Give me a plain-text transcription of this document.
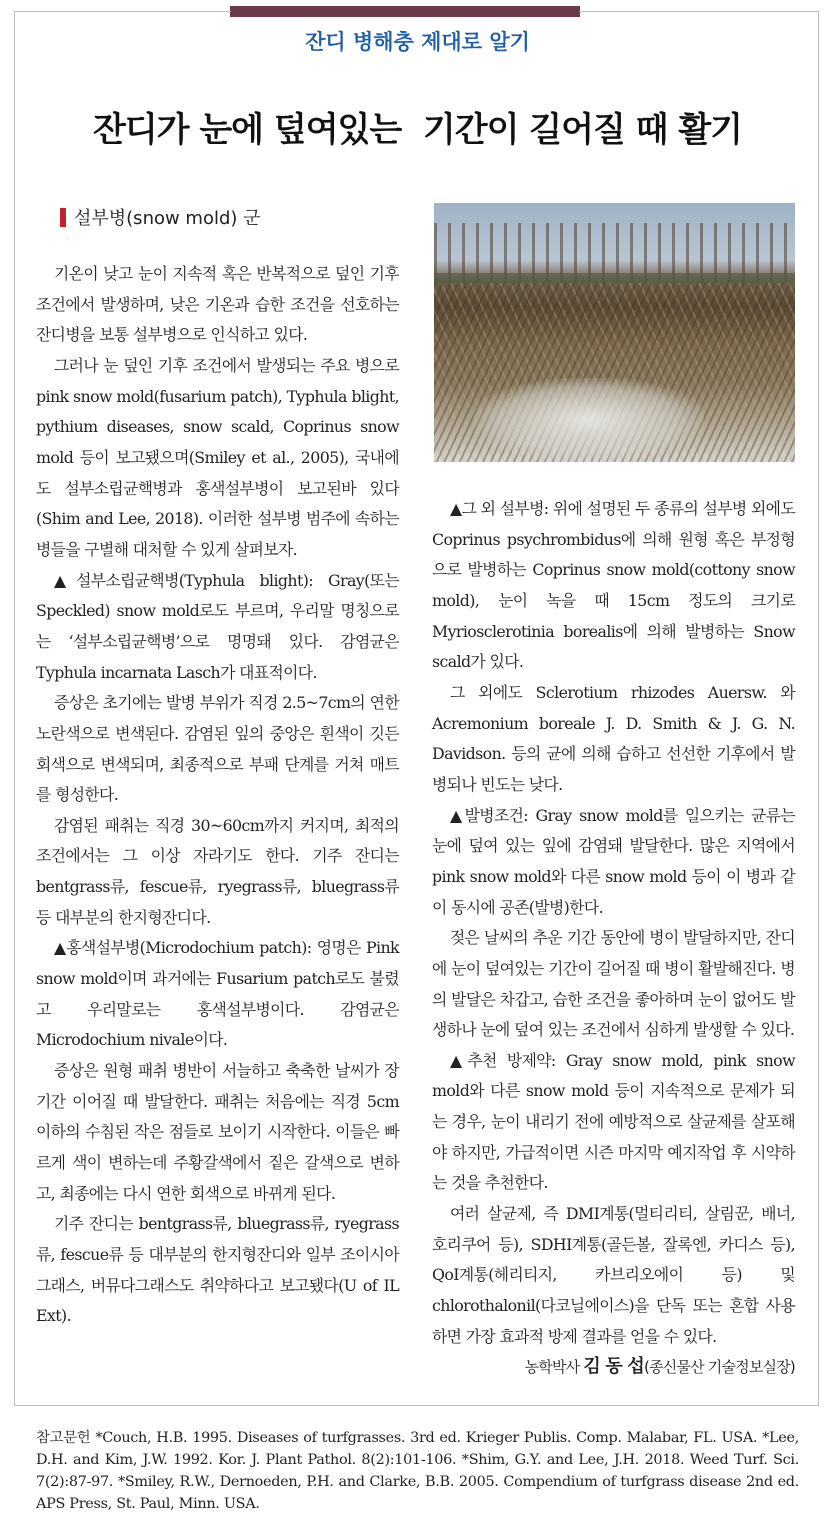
잔디 병해충 제대로 알기
잔디가 눈에 덮여있는  기간이 길어질 때 활기
설부병(snow mold) 군

기온이 낮고 눈이 지속적 혹은 반복적으로 덮인 기후조건에서 발생하며, 낮은 기온과 습한 조건을 선호하는 잔디병을 보통 설부병으로 인식하고 있다.

그러나 눈 덮인 기후 조건에서 발생되는 주요 병으로 pink snow mold(fusarium patch), Typhula blight, pythium diseases, snow scald, Coprinus snow mold 등이 보고됐으며(Smiley et al., 2005), 국내에도 설부소립균핵병과 홍색설부병이 보고된바 있다(Shim and Lee, 2018). 이러한 설부병 범주에 속하는 병들을 구별해 대처할 수 있게 살펴보자.

▲설부소립균핵병(Typhula blight): Gray(또는 Speckled) snow mold로도 부르며, 우리말 명칭으로는 ‘설부소립균핵병’으로 명명돼 있다. 감염균은 Typhula incarnata Lasch가 대표적이다.

증상은 초기에는 발병 부위가 직경 2.5~7cm의 연한 노란색으로 변색된다. 감염된 잎의 중앙은 흰색이 깃든 회색으로 변색되며, 최종적으로 부패 단계를 거쳐 매트를 형성한다.

감염된 패취는 직경 30~60cm까지 커지며, 최적의 조건에서는 그 이상 자라기도 한다. 기주 잔디는 bentgrass류, fescue류, ryegrass류, bluegrass류 등 대부분의 한지형잔디다.

▲홍색설부병(Microdochium patch): 영명은 Pink snow mold이며 과거에는 Fusarium patch로도 불렸고 우리말로는 홍색설부병이다. 감염균은 Microdochium nivale이다.

증상은 원형 패취 병반이 서늘하고 축축한 날씨가 장기간 이어질 때 발달한다. 패취는 처음에는 직경 5cm 이하의 수침된 작은 점들로 보이기 시작한다. 이들은 빠르게 색이 변하는데 주황갈색에서 짙은 갈색으로 변하고, 최종에는 다시 연한 회색으로 바뀌게 된다.

기주 잔디는 bentgrass류, bluegrass류, ryegrass류, fescue류 등 대부분의 한지형잔디와 일부 조이시아그래스, 버뮤다그래스도 취약하다고 보고됐다(U of IL Ext).

▲그 외 설부병: 위에 설명된 두 종류의 설부병 외에도 Coprinus psychrombidus에 의해 원형 혹은 부정형으로 발병하는 Coprinus snow mold(cottony snow mold), 눈이 녹을 때 15cm 정도의 크기로 Myriosclerotinia borealis에 의해 발병하는 Snow scald가 있다.

그 외에도 Sclerotium rhizodes Auersw. 와 Acremonium boreale J. D. Smith & J. G. N. Davidson. 등의 균에 의해 습하고 선선한 기후에서 발병되나 빈도는 낮다.

▲발병조건: Gray snow mold를 일으키는 균류는 눈에 덮여 있는 잎에 감염돼 발달한다. 많은 지역에서 pink snow mold와 다른 snow mold 등이 이 병과 같이 동시에 공존(발병)한다.

젖은 날씨의 추운 기간 동안에 병이 발달하지만, 잔디에 눈이 덮여있는 기간이 길어질 때 병이 활발해진다. 병의 발달은 차갑고, 습한 조건을 좋아하며 눈이 없어도 발생하나 눈에 덮여 있는 조건에서 심하게 발생할 수 있다.

▲추천 방제약: Gray snow mold, pink snow mold와 다른 snow mold 등이 지속적으로 문제가 되는 경우, 눈이 내리기 전에 예방적으로 살균제를 살포해야 하지만, 가급적이면 시즌 마지막 예지작업 후 시약하는 것을 추천한다.

여러 살균제, 즉 DMI계통(멀티리티, 살림꾼, 배너, 호리쿠어 등), SDHI계통(골든볼, 잘록엔, 카디스 등), QoI계통(헤리티지, 카브리오에이 등) 및 chlorothalonil(다코닐에이스)을 단독 또는 혼합 사용하면 가장 효과적 방제 결과를 얻을 수 있다.

농학박사 김 동 섭(종신물산 기술정보실장)

참고문헌 *Couch, H.B. 1995. Diseases of turfgrasses. 3rd ed. Krieger Publis. Comp. Malabar, FL. USA. *Lee, D.H. and Kim, J.W. 1992. Kor. J. Plant Pathol. 8(2):101-106. *Shim, G.Y. and Lee, J.H. 2018. Weed Turf. Sci. 7(2):87-97. *Smiley, R.W., Dernoeden, P.H. and Clarke, B.B. 2005. Compendium of turfgrass disease 2nd ed. APS Press, St. Paul, Minn. USA.
